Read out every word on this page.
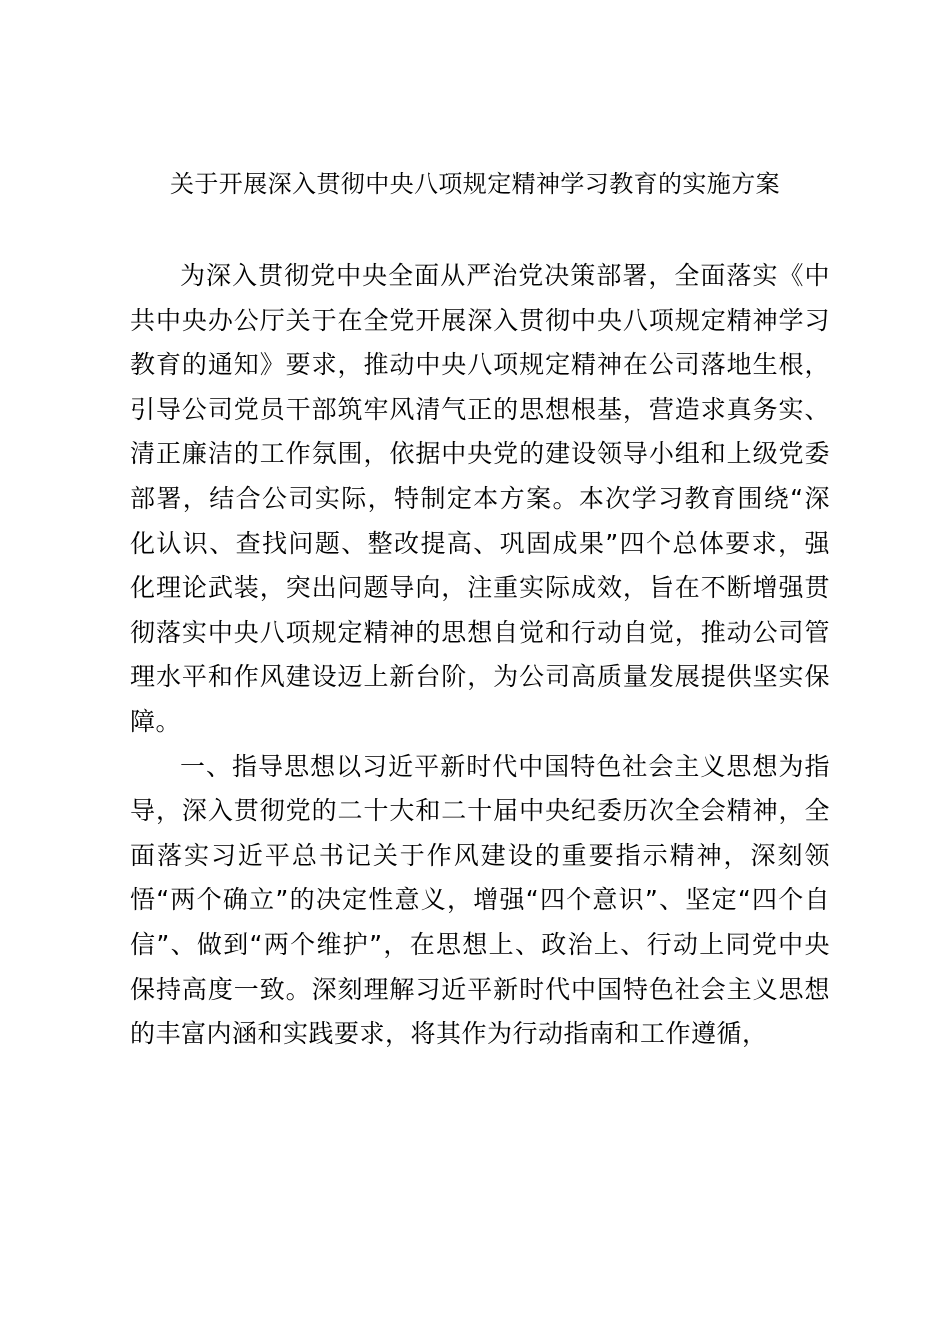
关于开展深入贯彻中央八项规定精神学习教育的实施方案

为深入贯彻党中央全面从严治党决策部署，全面落实《中共中央办公厅关于在全党开展深入贯彻中央八项规定精神学习教育的通知》要求，推动中央八项规定精神在公司落地生根，引导公司党员干部筑牢风清气正的思想根基，营造求真务实、清正廉洁的工作氛围，依据中央党的建设领导小组和上级党委部署，结合公司实际，特制定本方案。本次学习教育围绕“深化认识、查找问题、整改提高、巩固成果”四个总体要求，强化理论武装，突出问题导向，注重实际成效，旨在不断增强贯彻落实中央八项规定精神的思想自觉和行动自觉，推动公司管理水平和作风建设迈上新台阶，为公司高质量发展提供坚实保障。

一、指导思想以习近平新时代中国特色社会主义思想为指导，深入贯彻党的二十大和二十届中央纪委历次全会精神，全面落实习近平总书记关于作风建设的重要指示精神，深刻领悟“两个确立”的决定性意义，增强“四个意识”、坚定“四个自信”、做到“两个维护”，在思想上、政治上、行动上同党中央保持高度一致。深刻理解习近平新时代中国特色社会主义思想的丰富内涵和实践要求，将其作为行动指南和工作遵循，
